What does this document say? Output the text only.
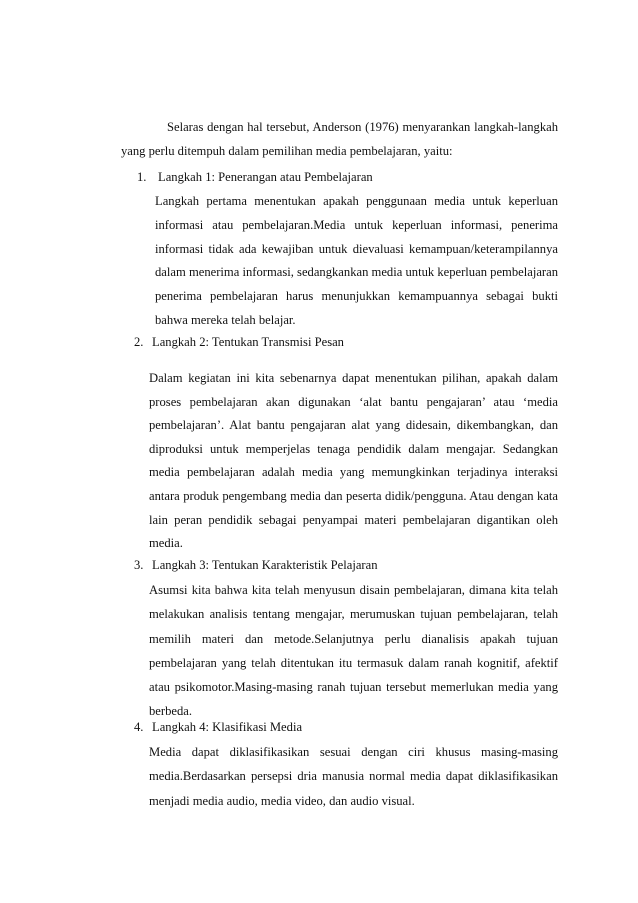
Selaras dengan hal tersebut, Anderson (1976) menyarankan langkah-langkah yang perlu ditempuh dalam pemilihan media pembelajaran, yaitu:

1. Langkah 1: Penerangan atau Pembelajaran

Langkah pertama menentukan apakah penggunaan media untuk keperluan informasi atau pembelajaran.Media untuk keperluan informasi, penerima informasi tidak ada kewajiban untuk dievaluasi kemampuan/keterampilannya dalam menerima informasi, sedangkankan media untuk keperluan pembelajaran penerima pembelajaran harus menunjukkan kemampuannya sebagai bukti bahwa mereka telah belajar.

2. Langkah 2: Tentukan Transmisi Pesan

Dalam kegiatan ini kita sebenarnya dapat menentukan pilihan, apakah dalam proses pembelajaran akan digunakan ‘alat bantu pengajaran’ atau ‘media pembelajaran’. Alat bantu pengajaran alat yang didesain, dikembangkan, dan diproduksi untuk memperjelas tenaga pendidik dalam mengajar. Sedangkan media pembelajaran adalah media yang memungkinkan terjadinya interaksi antara produk pengembang media dan peserta didik/pengguna. Atau dengan kata lain peran pendidik sebagai penyampai materi pembelajaran digantikan oleh media.

3. Langkah 3: Tentukan Karakteristik Pelajaran

Asumsi kita bahwa kita telah menyusun disain pembelajaran, dimana kita telah melakukan analisis tentang mengajar, merumuskan tujuan pembelajaran, telah memilih materi dan metode.Selanjutnya perlu dianalisis apakah tujuan pembelajaran yang telah ditentukan itu termasuk dalam ranah kognitif, afektif atau psikomotor.Masing-masing ranah tujuan tersebut memerlukan media yang berbeda.

4. Langkah 4: Klasifikasi Media

Media dapat diklasifikasikan sesuai dengan ciri khusus masing-masing media.Berdasarkan persepsi dria manusia normal media dapat diklasifikasikan menjadi media audio, media video, dan audio visual.
